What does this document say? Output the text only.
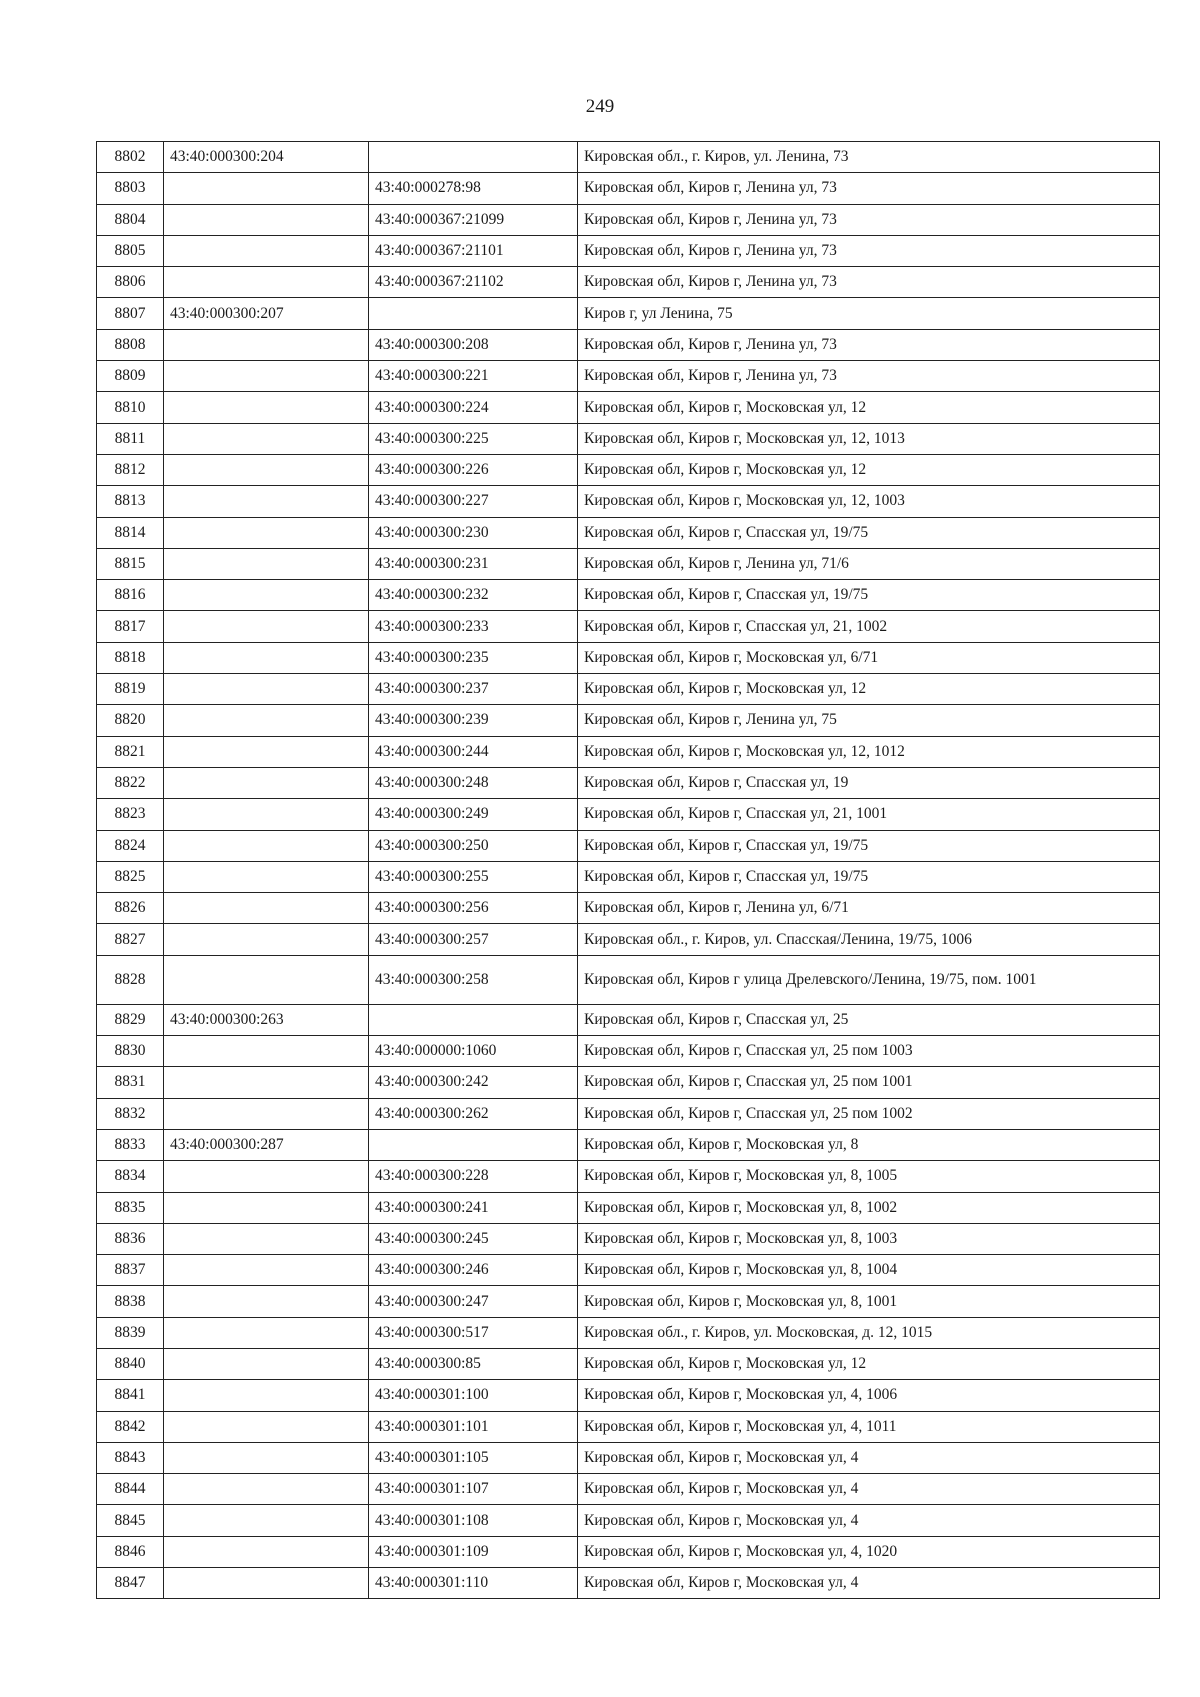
249
8802	43:40:000300:204		Кировская обл., г. Киров, ул. Ленина, 73
8803		43:40:000278:98	Кировская обл, Киров г, Ленина ул, 73
8804		43:40:000367:21099	Кировская обл, Киров г, Ленина ул, 73
8805		43:40:000367:21101	Кировская обл, Киров г, Ленина ул, 73
8806		43:40:000367:21102	Кировская обл, Киров г, Ленина ул, 73
8807	43:40:000300:207		Киров г, ул Ленина, 75
8808		43:40:000300:208	Кировская обл, Киров г, Ленина ул, 73
8809		43:40:000300:221	Кировская обл, Киров г, Ленина ул, 73
8810		43:40:000300:224	Кировская обл, Киров г, Московская ул, 12
8811		43:40:000300:225	Кировская обл, Киров г, Московская ул, 12, 1013
8812		43:40:000300:226	Кировская обл, Киров г, Московская ул, 12
8813		43:40:000300:227	Кировская обл, Киров г, Московская ул, 12, 1003
8814		43:40:000300:230	Кировская обл, Киров г, Спасская ул, 19/75
8815		43:40:000300:231	Кировская обл, Киров г, Ленина ул, 71/6
8816		43:40:000300:232	Кировская обл, Киров г, Спасская ул, 19/75
8817		43:40:000300:233	Кировская обл, Киров г, Спасская ул, 21, 1002
8818		43:40:000300:235	Кировская обл, Киров г, Московская ул, 6/71
8819		43:40:000300:237	Кировская обл, Киров г, Московская ул, 12
8820		43:40:000300:239	Кировская обл, Киров г, Ленина ул, 75
8821		43:40:000300:244	Кировская обл, Киров г, Московская ул, 12, 1012
8822		43:40:000300:248	Кировская обл, Киров г, Спасская ул, 19
8823		43:40:000300:249	Кировская обл, Киров г, Спасская ул, 21, 1001
8824		43:40:000300:250	Кировская обл, Киров г, Спасская ул, 19/75
8825		43:40:000300:255	Кировская обл, Киров г, Спасская ул, 19/75
8826		43:40:000300:256	Кировская обл, Киров г, Ленина ул, 6/71
8827		43:40:000300:257	Кировская обл., г. Киров, ул. Спасская/Ленина, 19/75, 1006
8828		43:40:000300:258	Кировская обл, Киров г улица Дрелевского/Ленина, 19/75, пом. 1001
8829	43:40:000300:263		Кировская обл, Киров г, Спасская ул, 25
8830		43:40:000000:1060	Кировская обл, Киров г, Спасская ул, 25 пом 1003
8831		43:40:000300:242	Кировская обл, Киров г, Спасская ул, 25 пом 1001
8832		43:40:000300:262	Кировская обл, Киров г, Спасская ул, 25 пом 1002
8833	43:40:000300:287		Кировская обл, Киров г, Московская ул, 8
8834		43:40:000300:228	Кировская обл, Киров г, Московская ул, 8, 1005
8835		43:40:000300:241	Кировская обл, Киров г, Московская ул, 8, 1002
8836		43:40:000300:245	Кировская обл, Киров г, Московская ул, 8, 1003
8837		43:40:000300:246	Кировская обл, Киров г, Московская ул, 8, 1004
8838		43:40:000300:247	Кировская обл, Киров г, Московская ул, 8, 1001
8839		43:40:000300:517	Кировская обл., г. Киров, ул. Московская, д. 12, 1015
8840		43:40:000300:85	Кировская обл, Киров г, Московская ул, 12
8841		43:40:000301:100	Кировская обл, Киров г, Московская ул, 4, 1006
8842		43:40:000301:101	Кировская обл, Киров г, Московская ул, 4, 1011
8843		43:40:000301:105	Кировская обл, Киров г, Московская ул, 4
8844		43:40:000301:107	Кировская обл, Киров г, Московская ул, 4
8845		43:40:000301:108	Кировская обл, Киров г, Московская ул, 4
8846		43:40:000301:109	Кировская обл, Киров г, Московская ул, 4, 1020
8847		43:40:000301:110	Кировская обл, Киров г, Московская ул, 4
